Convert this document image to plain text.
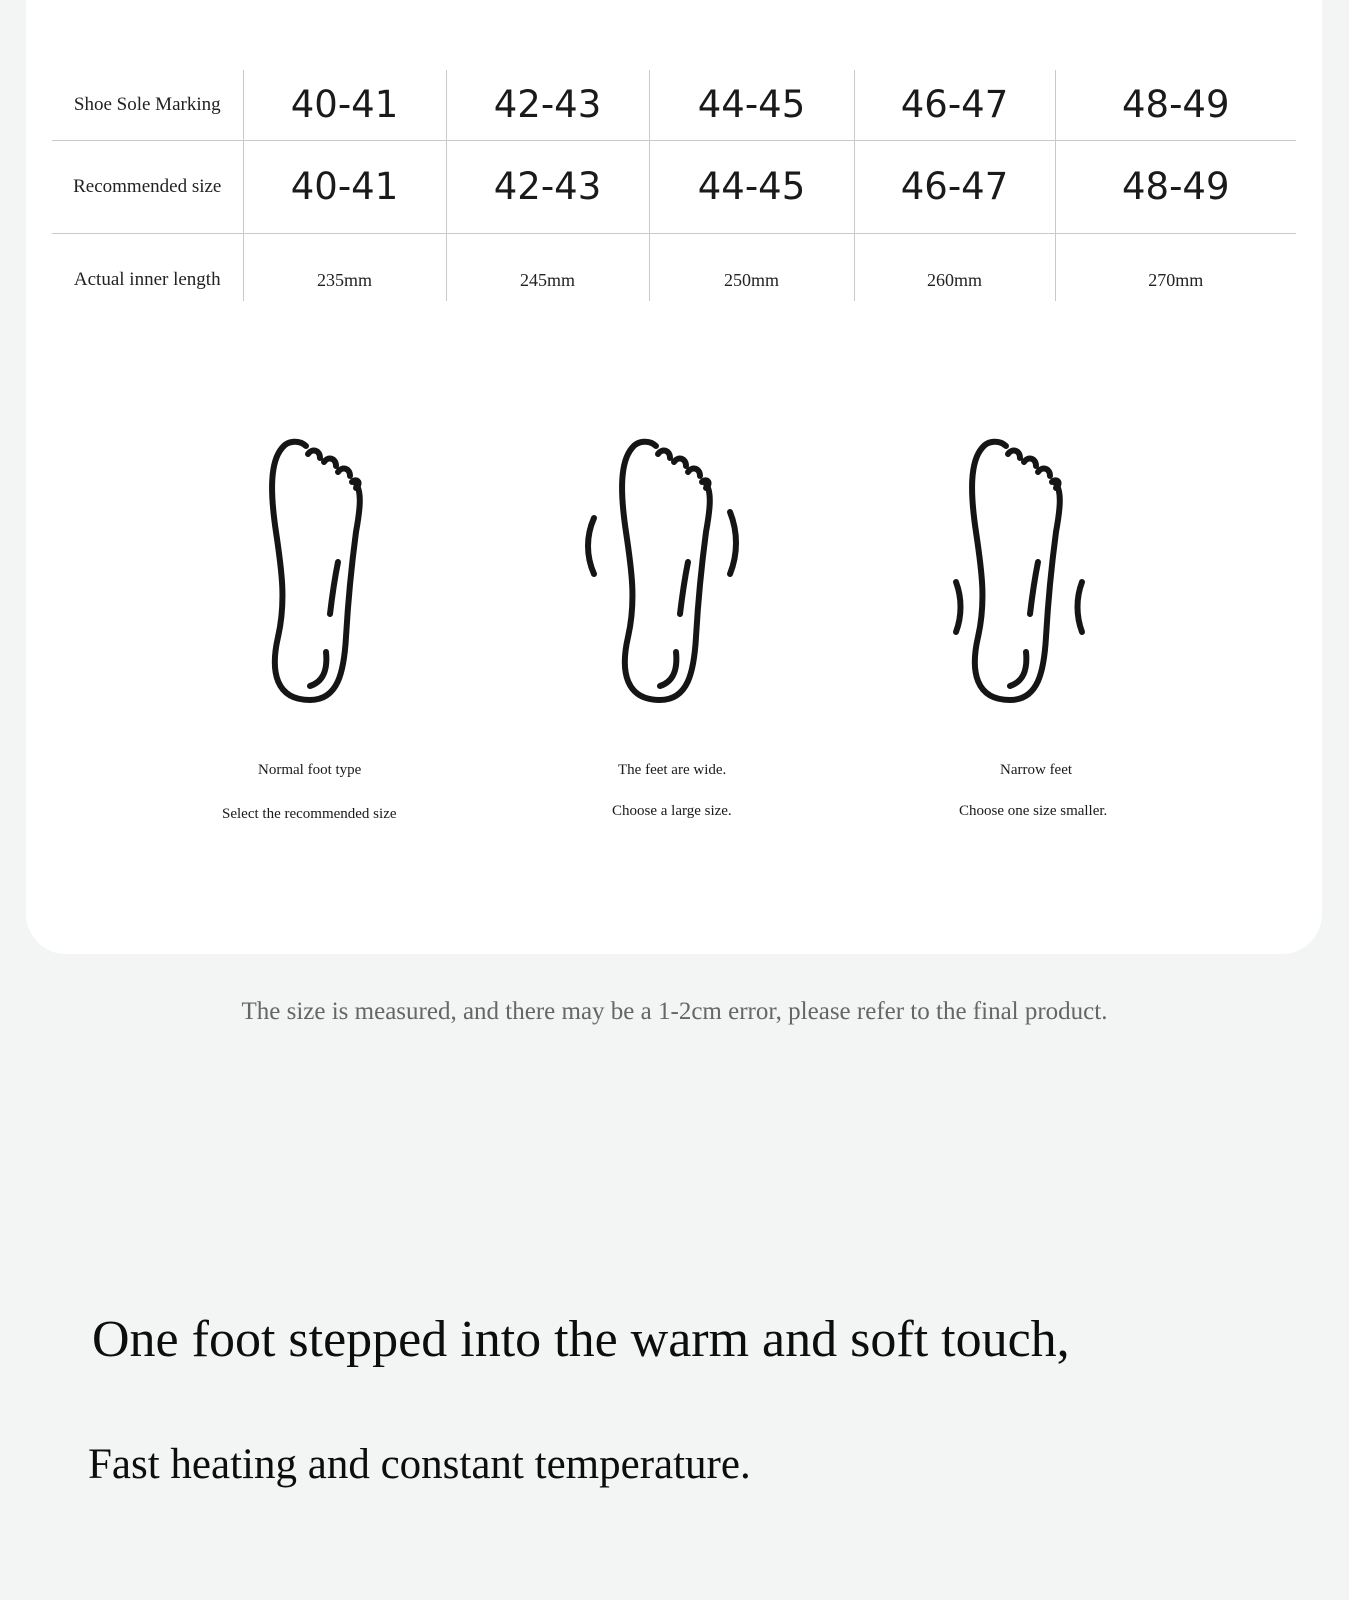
Shoe Sole Marking	40-41	42-43	44-45	46-47	48-49
Recommended size	40-41	42-43	44-45	46-47	48-49
Actual inner length	235mm	245mm	250mm	260mm	270mm
Normal foot type
Select the recommended size
The feet are wide.
Choose a large size.
Narrow feet
Choose one size smaller.
The size is measured, and there may be a 1-2cm error, please refer to the final product.
One foot stepped into the warm and soft touch,
Fast heating and constant temperature.
